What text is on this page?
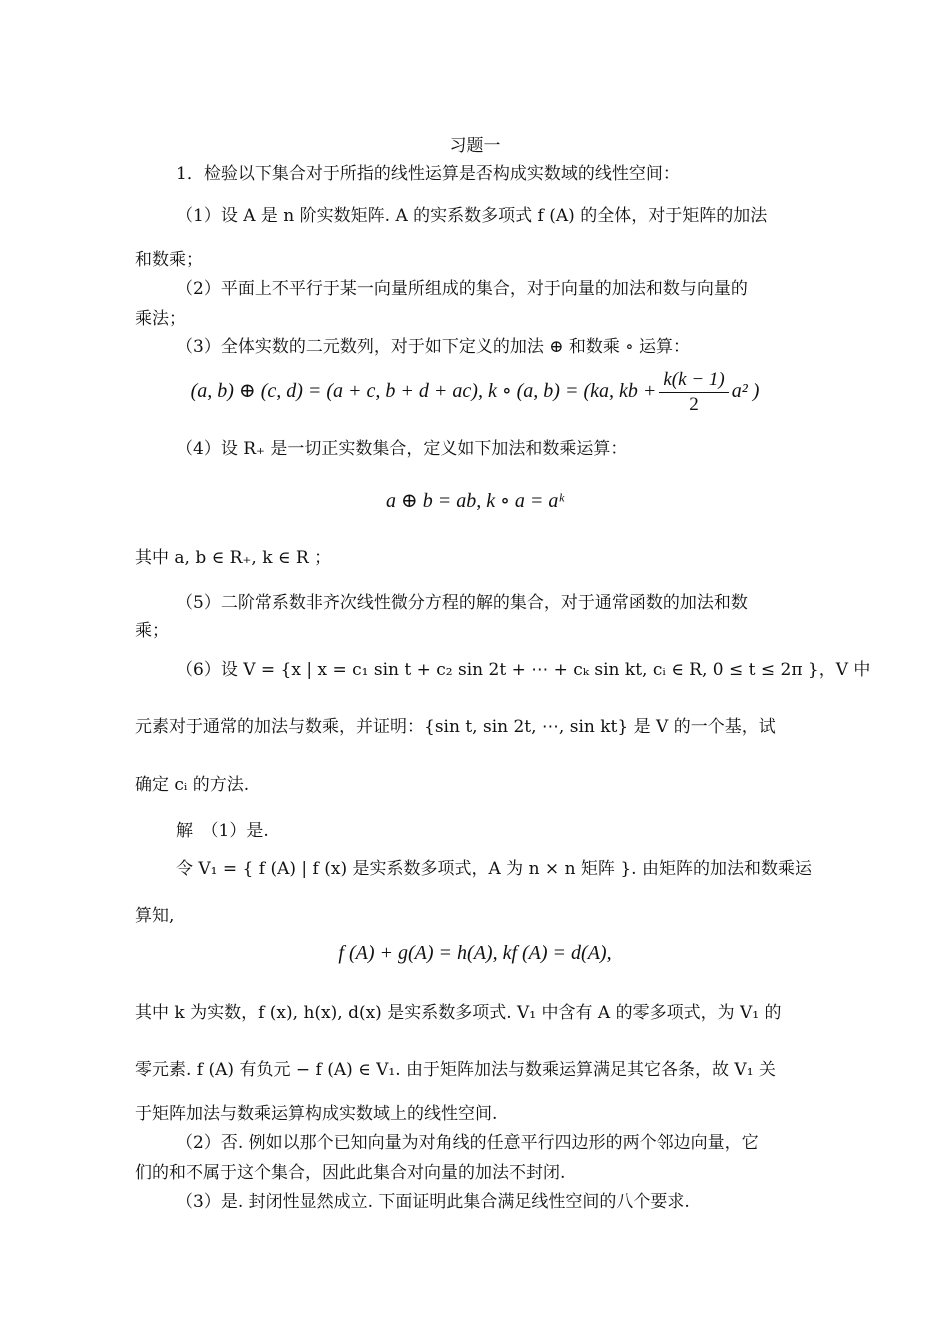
习题一

1．检验以下集合对于所指的线性运算是否构成实数域的线性空间：

（1）设 A 是 n 阶实数矩阵. A 的实系数多项式 f (A) 的全体，对于矩阵的加法

和数乘；

（2）平面上不平行于某一向量所组成的集合，对于向量的加法和数与向量的

乘法；

（3）全体实数的二元数列，对于如下定义的加法 ⊕ 和数乘 ∘ 运算：

(a, b) ⊕ (c, d) = (a + c, b + d + ac), k ∘ (a, b) = (ka, kb + $\frac{k(k - 1)}{2} a^2$ )

（4）设 R₊ 是一切正实数集合，定义如下加法和数乘运算：

a ⊕ b = ab, k ∘ a = aᵏ

其中 a, b ∈ R₊, k ∈ R ；

（5）二阶常系数非齐次线性微分方程的解的集合，对于通常函数的加法和数

乘；

（6）设 V = {x | x = c₁ sin t + c₂ sin 2t + ⋯ + cₖ sin kt, cᵢ ∈ R, 0 ≤ t ≤ 2π }，V 中

元素对于通常的加法与数乘，并证明：{sin t, sin 2t, ⋯, sin kt} 是 V 的一个基，试

确定 cᵢ 的方法.

解　（1）是.

令 V₁ = { f (A) | f (x) 是实系数多项式，A 为 n × n 矩阵 }. 由矩阵的加法和数乘运

算知,

f (A) + g(A) = h(A), kf (A) = d(A),

其中 k 为实数，f (x), h(x), d(x) 是实系数多项式. V₁ 中含有 A 的零多项式，为 V₁ 的

零元素. f (A) 有负元 − f (A) ∈ V₁. 由于矩阵加法与数乘运算满足其它各条，故 V₁ 关

于矩阵加法与数乘运算构成实数域上的线性空间.

（2）否. 例如以那个已知向量为对角线的任意平行四边形的两个邻边向量，它

们的和不属于这个集合，因此此集合对向量的加法不封闭.

（3）是. 封闭性显然成立. 下面证明此集合满足线性空间的八个要求.
